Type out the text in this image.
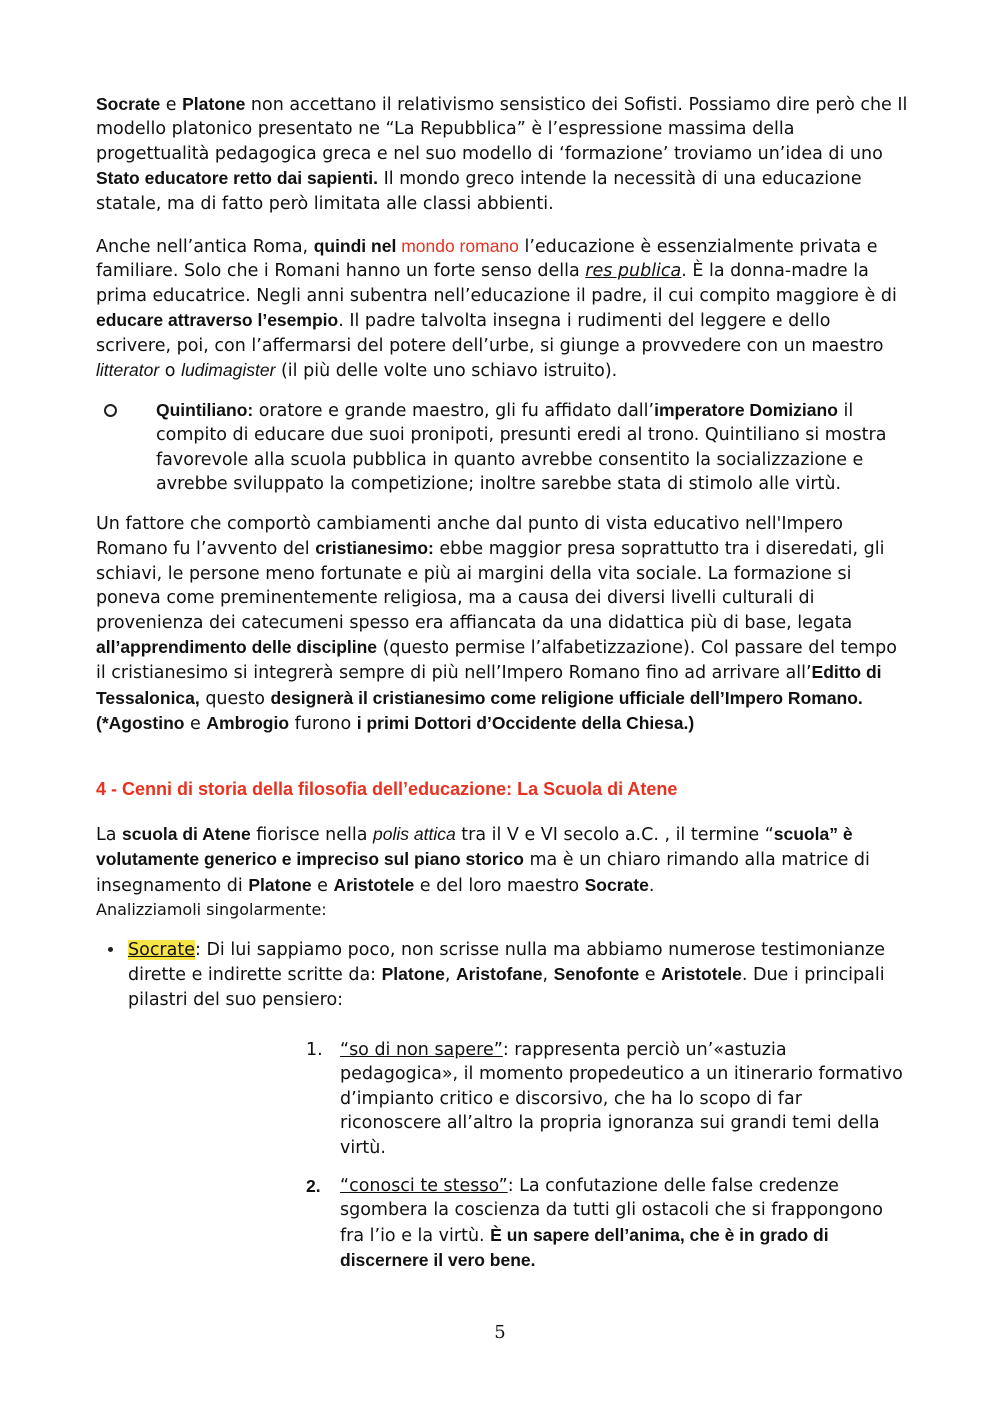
Socrate e Platone non accettano il relativismo sensistico dei Sofisti. Possiamo dire però che Il modello platonico presentato ne “La Repubblica” è l’espressione massima della progettualità pedagogica greca e nel suo modello di ‘formazione’ troviamo un’idea di uno Stato educatore retto dai sapienti. Il mondo greco intende la necessità di una educazione statale, ma di fatto però limitata alle classi abbienti.

Anche nell’antica Roma, quindi nel mondo romano l’educazione è essenzialmente privata e familiare. Solo che i Romani hanno un forte senso della res publica. È la donna-madre la prima educatrice. Negli anni subentra nell’educazione il padre, il cui compito maggiore è di educare attraverso l’esempio. Il padre talvolta insegna i rudimenti del leggere e dello scrivere, poi, con l’affermarsi del potere dell’urbe, si giunge a provvedere con un maestro litterator o ludimagister (il più delle volte uno schiavo istruito).

Quintiliano: oratore e grande maestro, gli fu affidato dall’imperatore Domiziano il compito di educare due suoi pronipoti, presunti eredi al trono. Quintiliano si mostra favorevole alla scuola pubblica in quanto avrebbe consentito la socializzazione e avrebbe sviluppato la competizione; inoltre sarebbe stata di stimolo alle virtù.

Un fattore che comportò cambiamenti anche dal punto di vista educativo nell'Impero Romano fu l’avvento del cristianesimo: ebbe maggior presa soprattutto tra i diseredati, gli schiavi, le persone meno fortunate e più ai margini della vita sociale. La formazione si poneva come preminentemente religiosa, ma a causa dei diversi livelli culturali di provenienza dei catecumeni spesso era affiancata da una didattica più di base, legata all’apprendimento delle discipline (questo permise l’alfabetizzazione). Col passare del tempo il cristianesimo si integrerà sempre di più nell’Impero Romano fino ad arrivare all’Editto di Tessalonica, questo designerà il cristianesimo come religione ufficiale dell’Impero Romano. (*Agostino e Ambrogio furono i primi Dottori d’Occidente della Chiesa.)

4 - Cenni di storia della filosofia dell’educazione: La Scuola di Atene

La scuola di Atene fiorisce nella polis attica tra il V e VI secolo a.C. , il termine “scuola” è volutamente generico e impreciso sul piano storico ma è un chiaro rimando alla matrice di insegnamento di Platone e Aristotele e del loro maestro Socrate.
Analizziamoli singolarmente:

Socrate: Di lui sappiamo poco, non scrisse nulla ma abbiamo numerose testimonianze dirette e indirette scritte da: Platone, Aristofane, Senofonte e Aristotele. Due i principali pilastri del suo pensiero:

1. “so di non sapere”: rappresenta perciò un’«astuzia pedagogica», il momento propedeutico a un itinerario formativo d’impianto critico e discorsivo, che ha lo scopo di far riconoscere all’altro la propria ignoranza sui grandi temi della virtù.

2. “conosci te stesso”: La confutazione delle false credenze sgombera la coscienza da tutti gli ostacoli che si frappongono fra l’io e la virtù. È un sapere dell’anima, che è in grado di discernere il vero bene.

5
